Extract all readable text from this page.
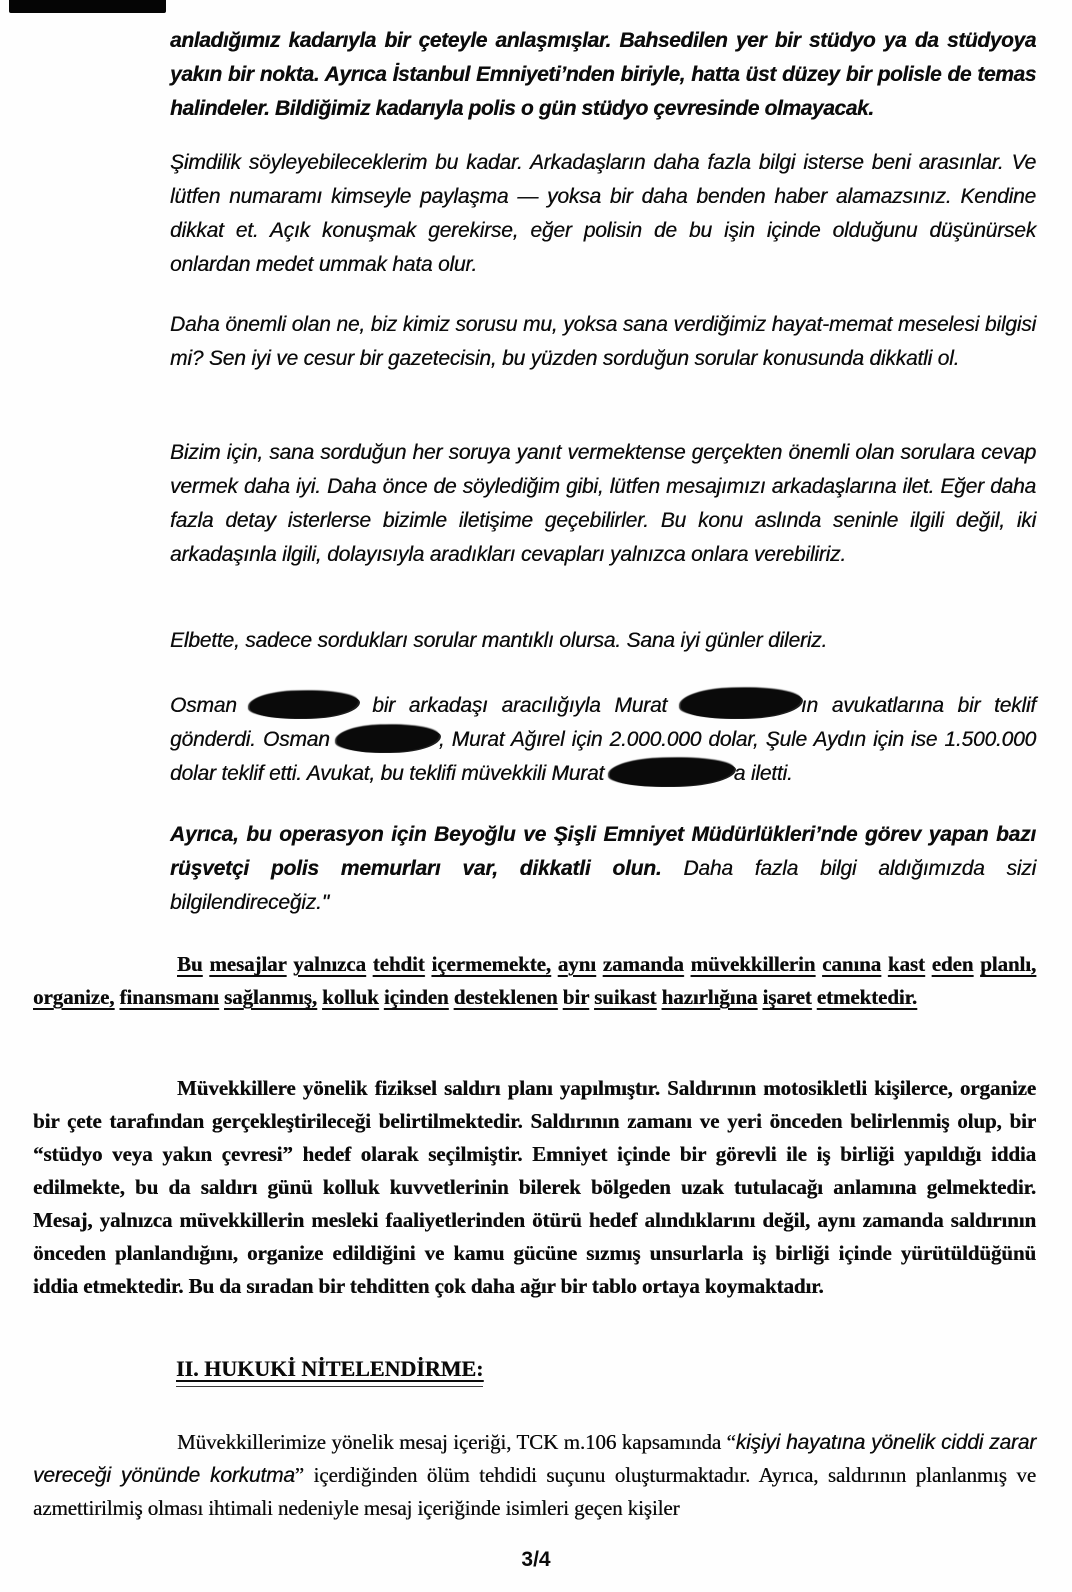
anladığımız kadarıyla bir çeteyle anlaşmışlar. Bahsedilen yer bir stüdyo ya da stüdyoya yakın bir nokta. Ayrıca İstanbul Emniyeti’nden biriyle, hatta üst düzey bir polisle de temas halindeler. Bildiğimiz kadarıyla polis o gün stüdyo çevresinde olmayacak.

Şimdilik söyleyebileceklerim bu kadar. Arkadaşların daha fazla bilgi isterse beni arasınlar. Ve lütfen numaramı kimseyle paylaşma — yoksa bir daha benden haber alamazsınız. Kendine dikkat et. Açık konuşmak gerekirse, eğer polisin de bu işin içinde olduğunu düşünürsek onlardan medet ummak hata olur.

Daha önemli olan ne, biz kimiz sorusu mu, yoksa sana verdiğimiz hayat-memat meselesi bilgisi mi? Sen iyi ve cesur bir gazetecisin, bu yüzden sorduğun sorular konusunda dikkatli ol.

Bizim için, sana sorduğun her soruya yanıt vermektense gerçekten önemli olan sorulara cevap vermek daha iyi. Daha önce de söylediğim gibi, lütfen mesajımızı arkadaşlarına ilet. Eğer daha fazla detay isterlerse bizimle iletişime geçebilirler. Bu konu aslında seninle ilgili değil, iki arkadaşınla ilgili, dolayısıyla aradıkları cevapları yalnızca onlara verebiliriz.

Elbette, sadece sordukları sorular mantıklı olursa. Sana iyi günler dileriz.

Osman	bir arkadaşı aracılığıyla Murat	ın avukatlarına bir teklif gönderdi. Osman	, Murat Ağırel için 2.000.000 dolar, Şule Aydın için ise 1.500.000 dolar teklif etti. Avukat, bu teklifi müvekkili Murat	a iletti.

Ayrıca, bu operasyon için Beyoğlu ve Şişli Emniyet Müdürlükleri’nde görev yapan bazı rüşvetçi polis memurları var, dikkatli olun. Daha fazla bilgi aldığımızda sizi bilgilendireceğiz."

Bu mesajlar yalnızca tehdit içermemekte, aynı zamanda müvekkillerin canına kast eden planlı, organize, finansmanı sağlanmış, kolluk içinden desteklenen bir suikast hazırlığına işaret etmektedir.

Müvekkillere yönelik fiziksel saldırı planı yapılmıştır. Saldırının motosikletli kişilerce, organize bir çete tarafından gerçekleştirileceği belirtilmektedir. Saldırının zamanı ve yeri önceden belirlenmiş olup, bir “stüdyo veya yakın çevresi” hedef olarak seçilmiştir. Emniyet içinde bir görevli ile iş birliği yapıldığı iddia edilmekte, bu da saldırı günü kolluk kuvvetlerinin bilerek bölgeden uzak tutulacağı anlamına gelmektedir. Mesaj, yalnızca müvekkillerin mesleki faaliyetlerinden ötürü hedef alındıklarını değil, aynı zamanda saldırının önceden planlandığını, organize edildiğini ve kamu gücüne sızmış unsurlarla iş birliği içinde yürütüldüğünü iddia etmektedir. Bu da sıradan bir tehditten çok daha ağır bir tablo ortaya koymaktadır.

II. HUKUKİ NİTELENDİRME:

Müvekkillerimize yönelik mesaj içeriği, TCK m.106 kapsamında “kişiyi hayatına yönelik ciddi zarar vereceği yönünde korkutma” içerdiğinden ölüm tehdidi suçunu oluşturmaktadır. Ayrıca, saldırının planlanmış ve azmettirilmiş olması ihtimali nedeniyle mesaj içeriğinde isimleri geçen kişiler

3/4
